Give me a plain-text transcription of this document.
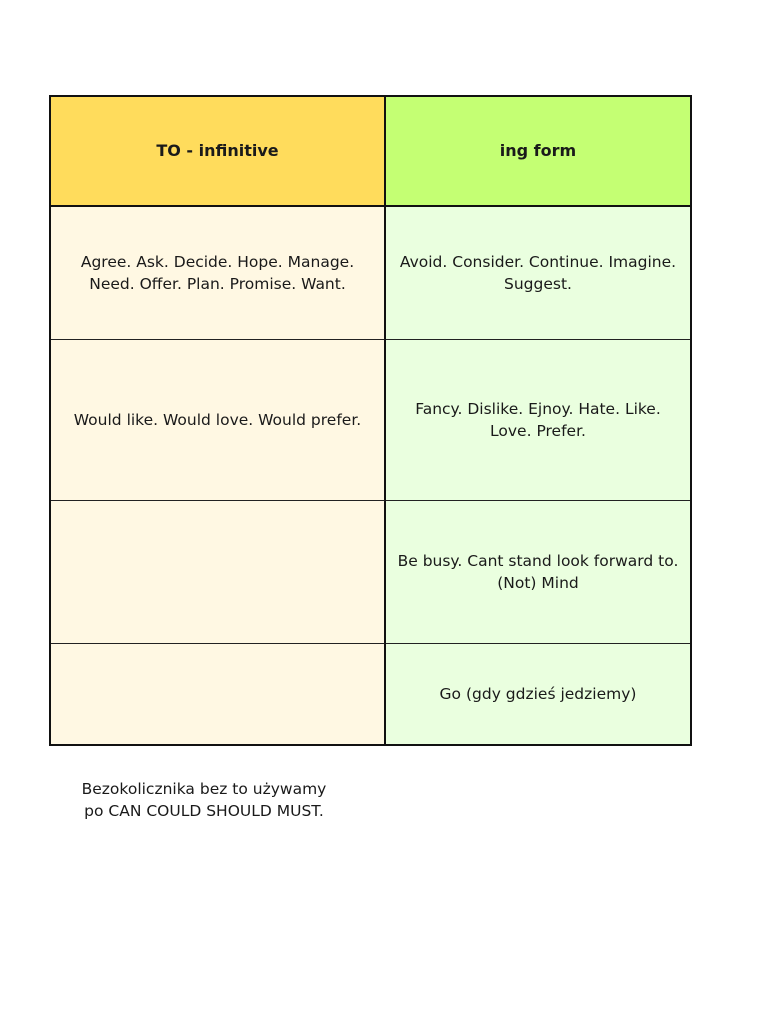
TO - infinitive	ing form
Agree. Ask. Decide. Hope. Manage. Need. Offer. Plan. Promise. Want.
Avoid. Consider. Continue. Imagine. Suggest.
Would like. Would love. Would prefer.
Fancy. Dislike. Ejnoy. Hate. Like. Love. Prefer.
Be busy. Cant stand look forward to. (Not) Mind
Go (gdy gdzieś jedziemy)
Bezokolicznika bez to używamy
po CAN COULD SHOULD MUST.
